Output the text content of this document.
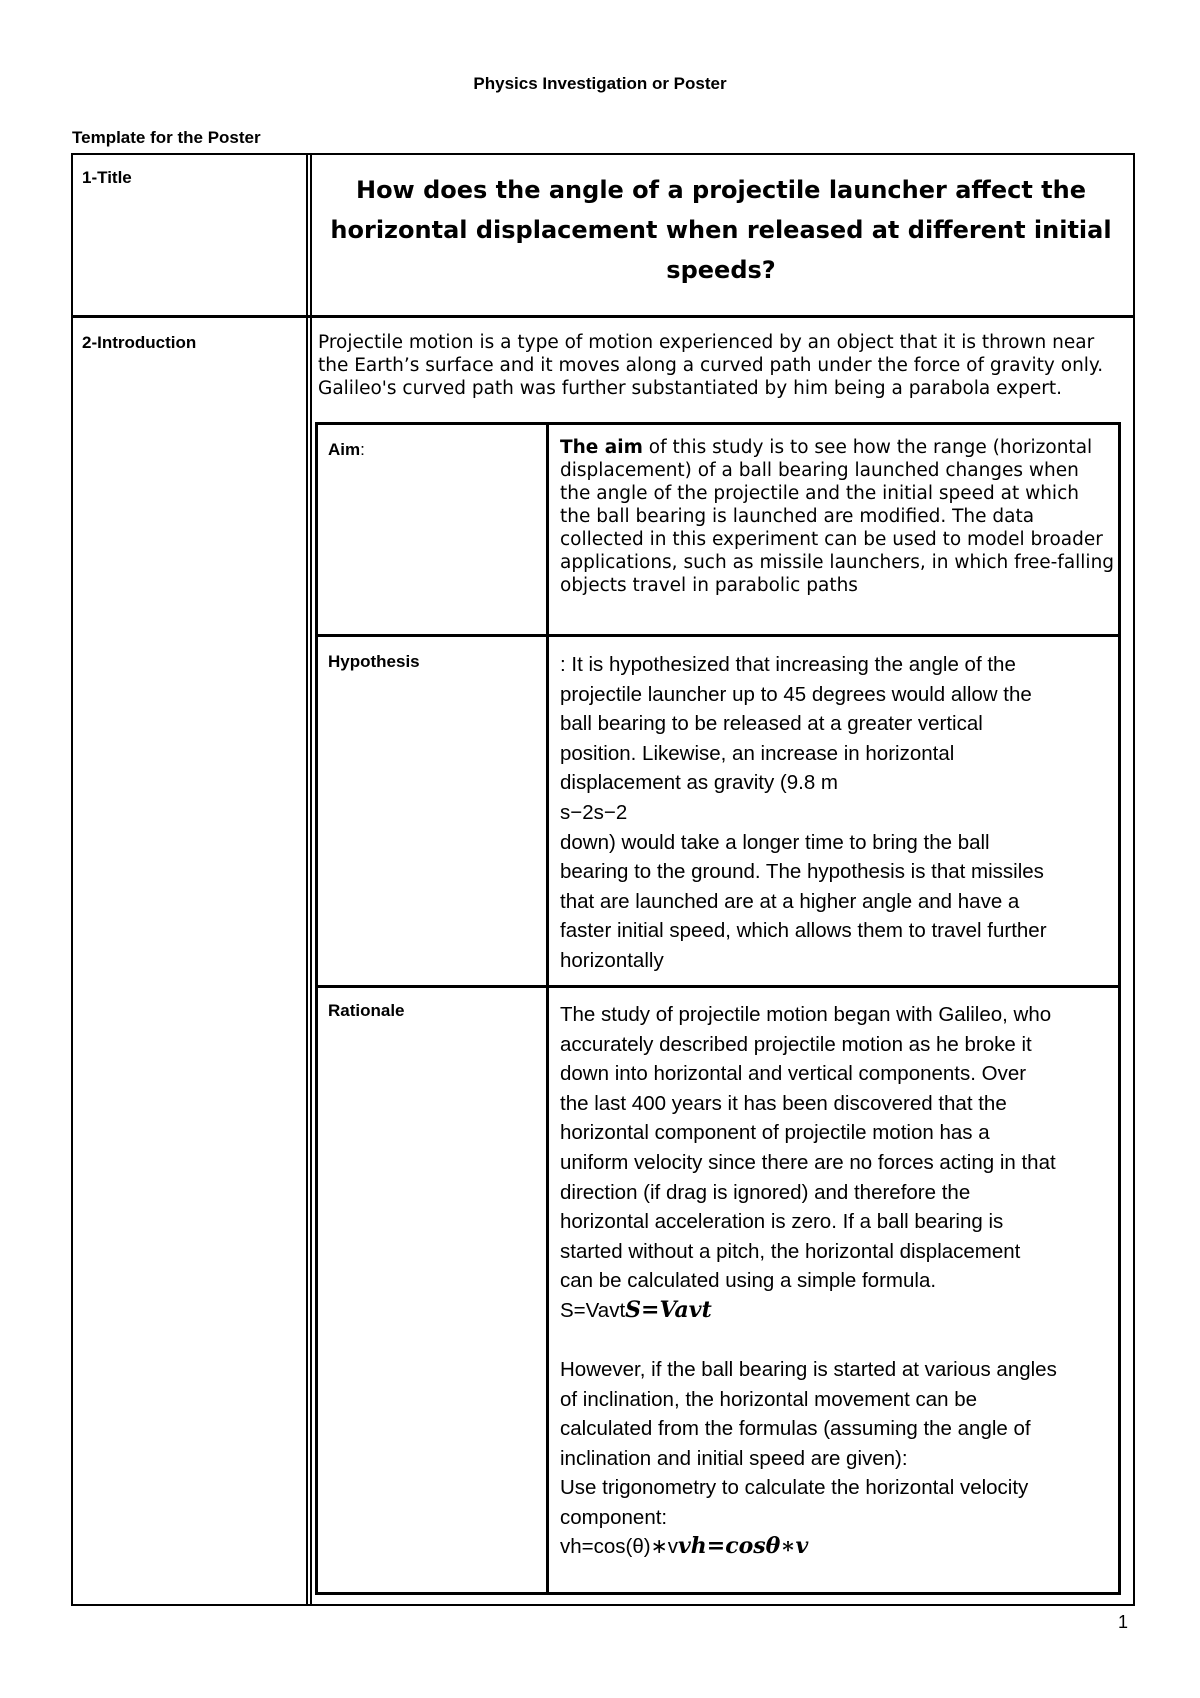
Physics Investigation or Poster
Template for the Poster
1-Title	How does the angle of a projectile launcher affect the horizontal displacement when released at different initial speeds?
2-Introduction	Projectile motion is a type of motion experienced by an object that it is thrown near the Earth’s surface and it moves along a curved path under the force of gravity only. Galileo's curved path was further substantiated by him being a parabola expert.
Aim:	The aim of this study is to see how the range (horizontal displacement) of a ball bearing launched changes when the angle of the projectile and the initial speed at which the ball bearing is launched are modified. The data collected in this experiment can be used to model broader applications, such as missile launchers, in which free-falling objects travel in parabolic paths
Hypothesis	: It is hypothesized that increasing the angle of the
projectile launcher up to 45 degrees would allow the
ball bearing to be released at a greater vertical
position. Likewise, an increase in horizontal
displacement as gravity (9.8 m
s−2s−2
down) would take a longer time to bring the ball
bearing to the ground. The hypothesis is that missiles
that are launched are at a higher angle and have a
faster initial speed, which allows them to travel further
horizontally
Rationale	The study of projectile motion began with Galileo, who
accurately described projectile motion as he broke it
down into horizontal and vertical components. Over
the last 400 years it has been discovered that the
horizontal component of projectile motion has a
uniform velocity since there are no forces acting in that
direction (if drag is ignored) and therefore the
horizontal acceleration is zero. If a ball bearing is
started without a pitch, the horizontal displacement
can be calculated using a simple formula.
S=VavtS=Vavt
However, if the ball bearing is started at various angles
of inclination, the horizontal movement can be
calculated from the formulas (assuming the angle of
inclination and initial speed are given):
Use trigonometry to calculate the horizontal velocity
component:
vh=cos(θ)∗vvh=cosθ∗v
1
